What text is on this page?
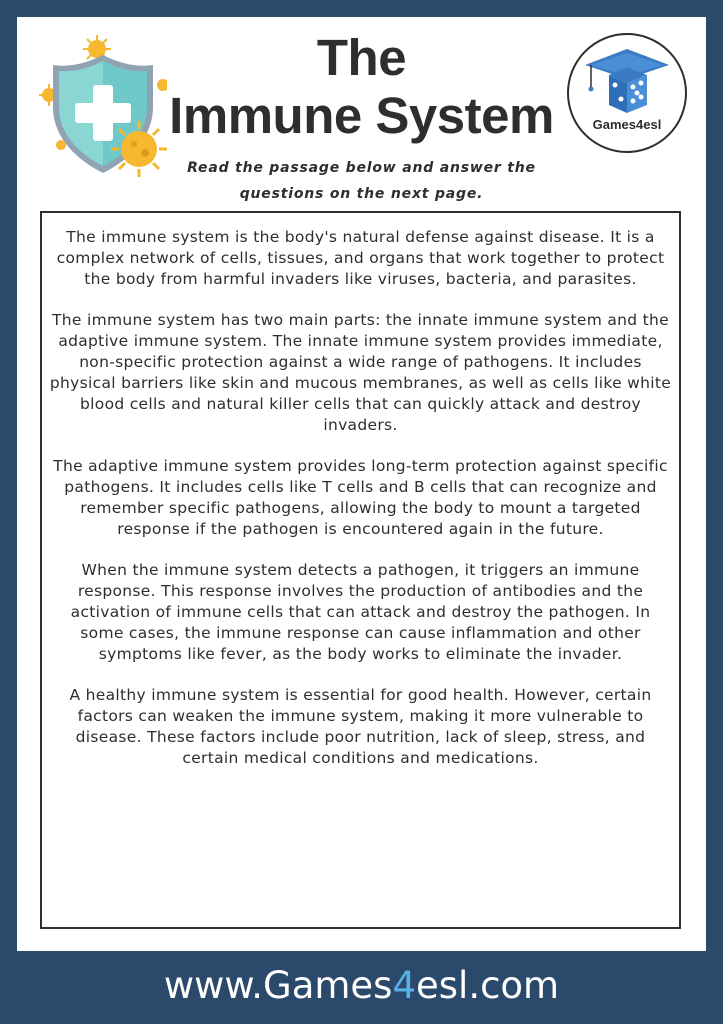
The
Immune System	Games4esl
Read the passage below and answer the
questions on the next page.

The immune system is the body's natural defense against disease. It is a complex network of cells, tissues, and organs that work together to protect the body from harmful invaders like viruses, bacteria, and parasites.

The immune system has two main parts: the innate immune system and the adaptive immune system. The innate immune system provides immediate, non-specific protection against a wide range of pathogens. It includes physical barriers like skin and mucous membranes, as well as cells like white blood cells and natural killer cells that can quickly attack and destroy invaders.

The adaptive immune system provides long-term protection against specific pathogens. It includes cells like T cells and B cells that can recognize and remember specific pathogens, allowing the body to mount a targeted response if the pathogen is encountered again in the future.

When the immune system detects a pathogen, it triggers an immune response. This response involves the production of antibodies and the activation of immune cells that can attack and destroy the pathogen. In some cases, the immune response can cause inflammation and other symptoms like fever, as the body works to eliminate the invader.

A healthy immune system is essential for good health. However, certain factors can weaken the immune system, making it more vulnerable to disease. These factors include poor nutrition, lack of sleep, stress, and certain medical conditions and medications.

www.Games4esl.com
